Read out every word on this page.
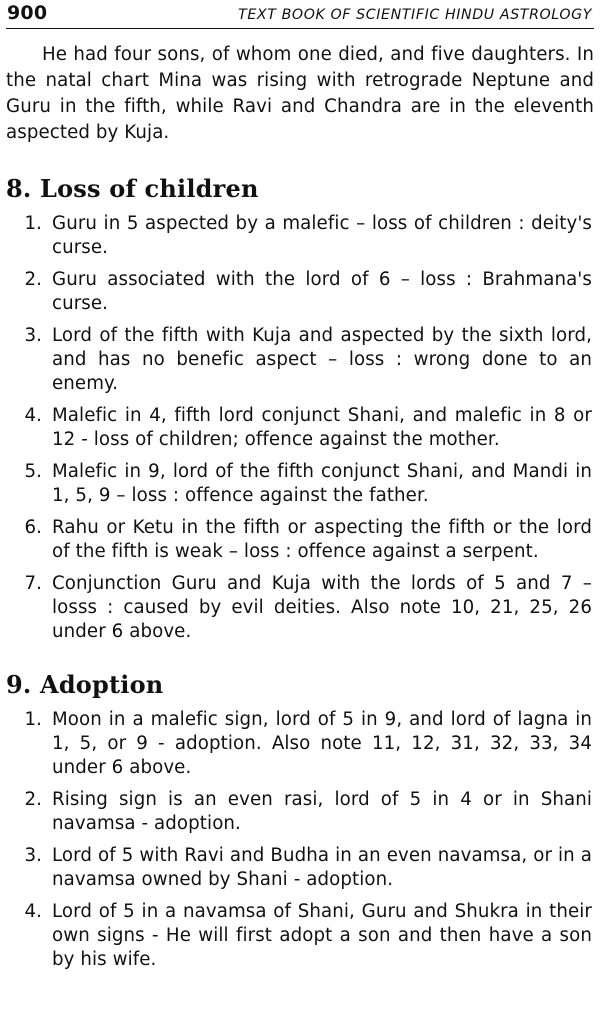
900	TEXT BOOK OF SCIENTIFIC HINDU ASTROLOGY

He had four sons, of whom one died, and five daughters. In the natal chart Mina was rising with retrograde Neptune and Guru in the fifth, while Ravi and Chandra are in the eleventh aspected by Kuja.

8. Loss of children
1. Guru in 5 aspected by a malefic – loss of children : deity's curse.
2. Guru associated with the lord of 6 – loss : Brahmana's curse.
3. Lord of the fifth with Kuja and aspected by the sixth lord, and has no benefic aspect – loss : wrong done to an enemy.
4. Malefic in 4, fifth lord conjunct Shani, and malefic in 8 or 12 - loss of children; offence against the mother.
5. Malefic in 9, lord of the fifth conjunct Shani, and Mandi in 1, 5, 9 – loss : offence against the father.
6. Rahu or Ketu in the fifth or aspecting the fifth or the lord of the fifth is weak – loss : offence against a serpent.
7. Conjunction Guru and Kuja with the lords of 5 and 7 – losss : caused by evil deities. Also note 10, 21, 25, 26 under 6 above.
9. Adoption
1. Moon in a malefic sign, lord of 5 in 9, and lord of lagna in 1, 5, or 9 - adoption. Also note 11, 12, 31, 32, 33, 34 under 6 above.
2. Rising sign is an even rasi, lord of 5 in 4 or in Shani navamsa - adoption.
3. Lord of 5 with Ravi and Budha in an even navamsa, or in a navamsa owned by Shani - adoption.
4. Lord of 5 in a navamsa of Shani, Guru and Shukra in their own signs - He will first adopt a son and then have a son by his wife.
